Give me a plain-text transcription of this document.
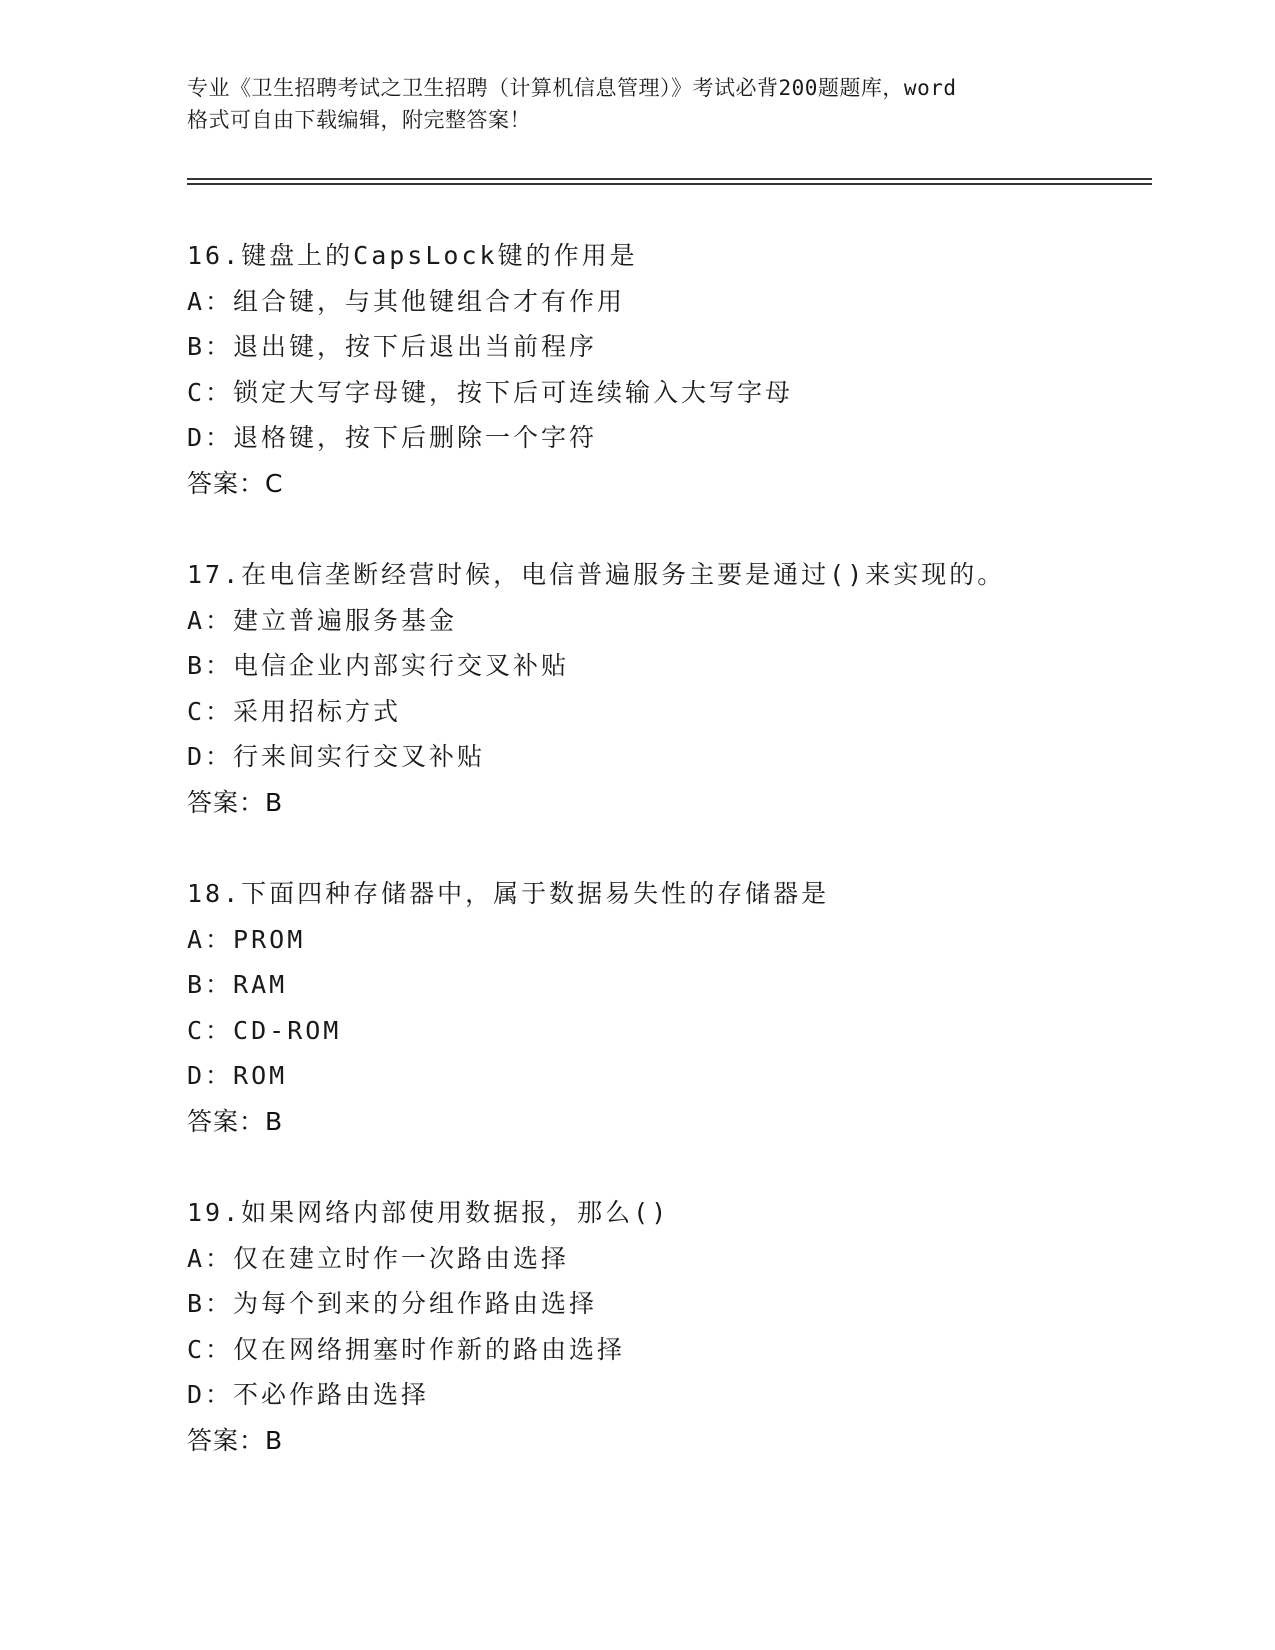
专业《卫生招聘考试之卫生招聘（计算机信息管理）》考试必背200题题库，word
格式可自由下载编辑，附完整答案！
16.键盘上的CapsLock键的作用是
A：组合键，与其他键组合才有作用
B：退出键，按下后退出当前程序
C：锁定大写字母键，按下后可连续输入大写字母
D：退格键，按下后删除一个字符
答案：C
17.在电信垄断经营时候，电信普遍服务主要是通过()来实现的。
A：建立普遍服务基金
B：电信企业内部实行交叉补贴
C：采用招标方式
D：行来间实行交叉补贴
答案：B
18.下面四种存储器中，属于数据易失性的存储器是
A：PROM
B：RAM
C：CD-ROM
D：ROM
答案：B
19.如果网络内部使用数据报，那么()
A：仅在建立时作一次路由选择
B：为每个到来的分组作路由选择
C：仅在网络拥塞时作新的路由选择
D：不必作路由选择
答案：B
